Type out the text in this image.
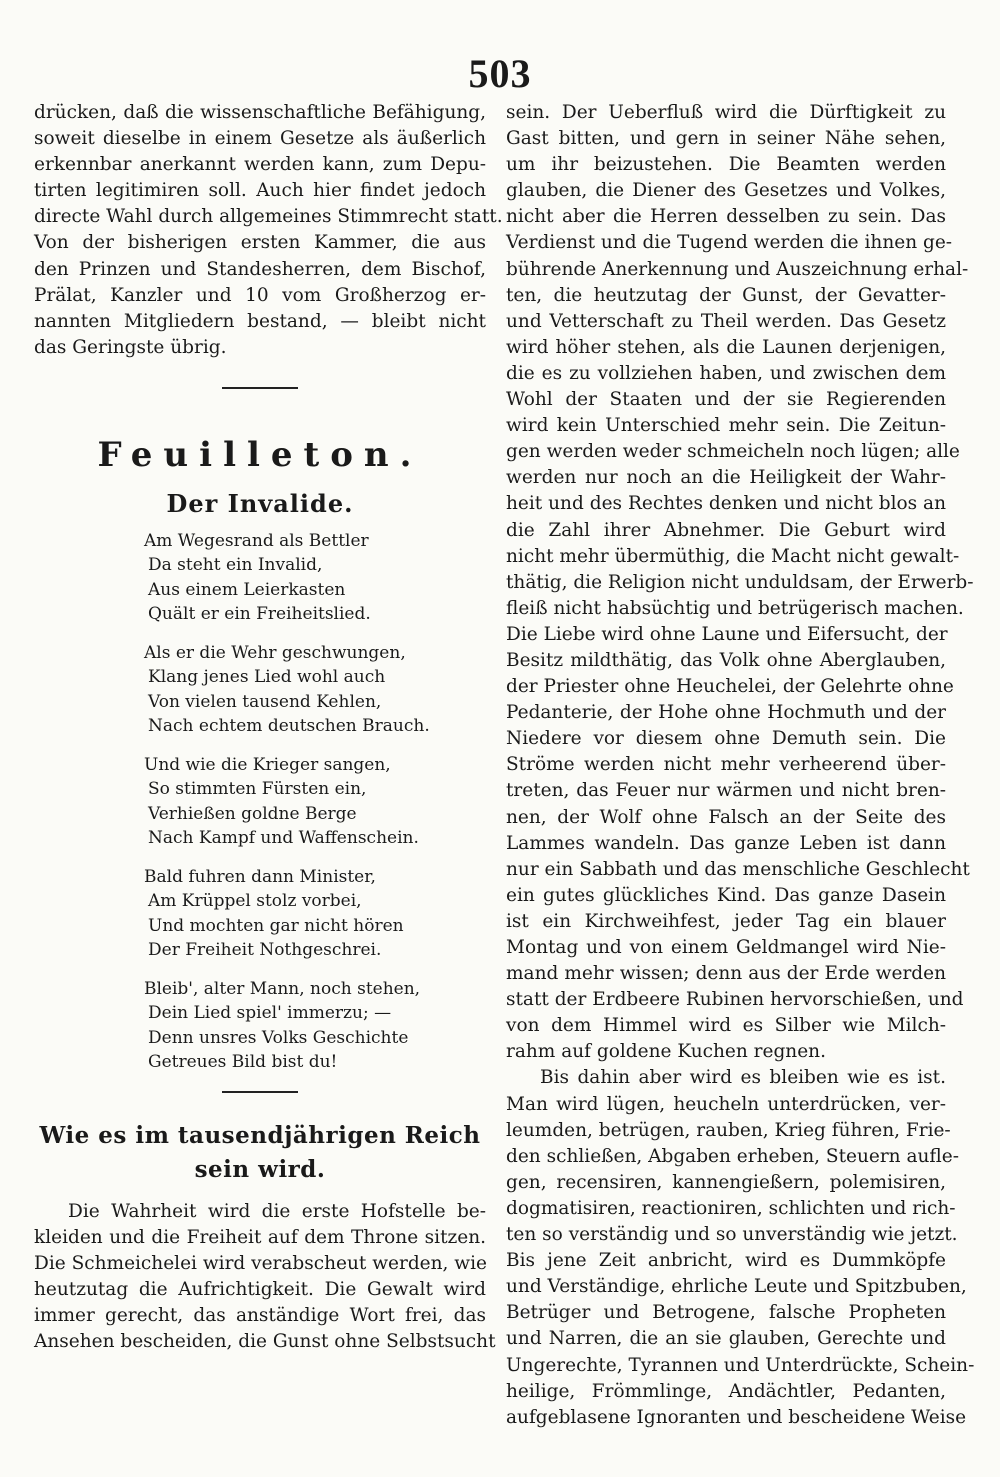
503
drücken, daß die wissenschaftliche Befähigung,
soweit dieselbe in einem Gesetze als äußerlich
erkennbar anerkannt werden kann, zum Depu-
tirten legitimiren soll. Auch hier findet jedoch
directe Wahl durch allgemeines Stimmrecht statt.
Von der bisherigen ersten Kammer, die aus
den Prinzen und Standesherren, dem Bischof,
Prälat, Kanzler und 10 vom Großherzog er-
nannten Mitgliedern bestand, — bleibt nicht
das Geringste übrig.
Feuilleton.
Der Invalide.
Am Wegesrand als Bettler
Da steht ein Invalid,
Aus einem Leierkasten
Quält er ein Freiheitslied.
Als er die Wehr geschwungen,
Klang jenes Lied wohl auch
Von vielen tausend Kehlen,
Nach echtem deutschen Brauch.
Und wie die Krieger sangen,
So stimmten Fürsten ein,
Verhießen goldne Berge
Nach Kampf und Waffenschein.
Bald fuhren dann Minister,
Am Krüppel stolz vorbei,
Und mochten gar nicht hören
Der Freiheit Nothgeschrei.
Bleib', alter Mann, noch stehen,
Dein Lied spiel' immerzu; —
Denn unsres Volks Geschichte
Getreues Bild bist du!
Wie es im tausendjährigen Reich
sein wird.
Die Wahrheit wird die erste Hofstelle be-
kleiden und die Freiheit auf dem Throne sitzen.
Die Schmeichelei wird verabscheut werden, wie
heutzutag die Aufrichtigkeit. Die Gewalt wird
immer gerecht, das anständige Wort frei, das
Ansehen bescheiden, die Gunst ohne Selbstsucht
sein. Der Ueberfluß wird die Dürftigkeit zu
Gast bitten, und gern in seiner Nähe sehen,
um ihr beizustehen. Die Beamten werden
glauben, die Diener des Gesetzes und Volkes,
nicht aber die Herren desselben zu sein. Das
Verdienst und die Tugend werden die ihnen ge-
bührende Anerkennung und Auszeichnung erhal-
ten, die heutzutag der Gunst, der Gevatter-
und Vetterschaft zu Theil werden. Das Gesetz
wird höher stehen, als die Launen derjenigen,
die es zu vollziehen haben, und zwischen dem
Wohl der Staaten und der sie Regierenden
wird kein Unterschied mehr sein. Die Zeitun-
gen werden weder schmeicheln noch lügen; alle
werden nur noch an die Heiligkeit der Wahr-
heit und des Rechtes denken und nicht blos an
die Zahl ihrer Abnehmer. Die Geburt wird
nicht mehr übermüthig, die Macht nicht gewalt-
thätig, die Religion nicht unduldsam, der Erwerb-
fleiß nicht habsüchtig und betrügerisch machen.
Die Liebe wird ohne Laune und Eifersucht, der
Besitz mildthätig, das Volk ohne Aberglauben,
der Priester ohne Heuchelei, der Gelehrte ohne
Pedanterie, der Hohe ohne Hochmuth und der
Niedere vor diesem ohne Demuth sein. Die
Ströme werden nicht mehr verheerend über-
treten, das Feuer nur wärmen und nicht bren-
nen, der Wolf ohne Falsch an der Seite des
Lammes wandeln. Das ganze Leben ist dann
nur ein Sabbath und das menschliche Geschlecht
ein gutes glückliches Kind. Das ganze Dasein
ist ein Kirchweihfest, jeder Tag ein blauer
Montag und von einem Geldmangel wird Nie-
mand mehr wissen; denn aus der Erde werden
statt der Erdbeere Rubinen hervorschießen, und
von dem Himmel wird es Silber wie Milch-
rahm auf goldene Kuchen regnen.
Bis dahin aber wird es bleiben wie es ist.
Man wird lügen, heucheln unterdrücken, ver-
leumden, betrügen, rauben, Krieg führen, Frie-
den schließen, Abgaben erheben, Steuern aufle-
gen, recensiren, kannengießern, polemisiren,
dogmatisiren, reactioniren, schlichten und rich-
ten so verständig und so unverständig wie jetzt.
Bis jene Zeit anbricht, wird es Dummköpfe
und Verständige, ehrliche Leute und Spitzbuben,
Betrüger und Betrogene, falsche Propheten
und Narren, die an sie glauben, Gerechte und
Ungerechte, Tyrannen und Unterdrückte, Schein-
heilige, Frömmlinge, Andächtler, Pedanten,
aufgeblasene Ignoranten und bescheidene Weise
